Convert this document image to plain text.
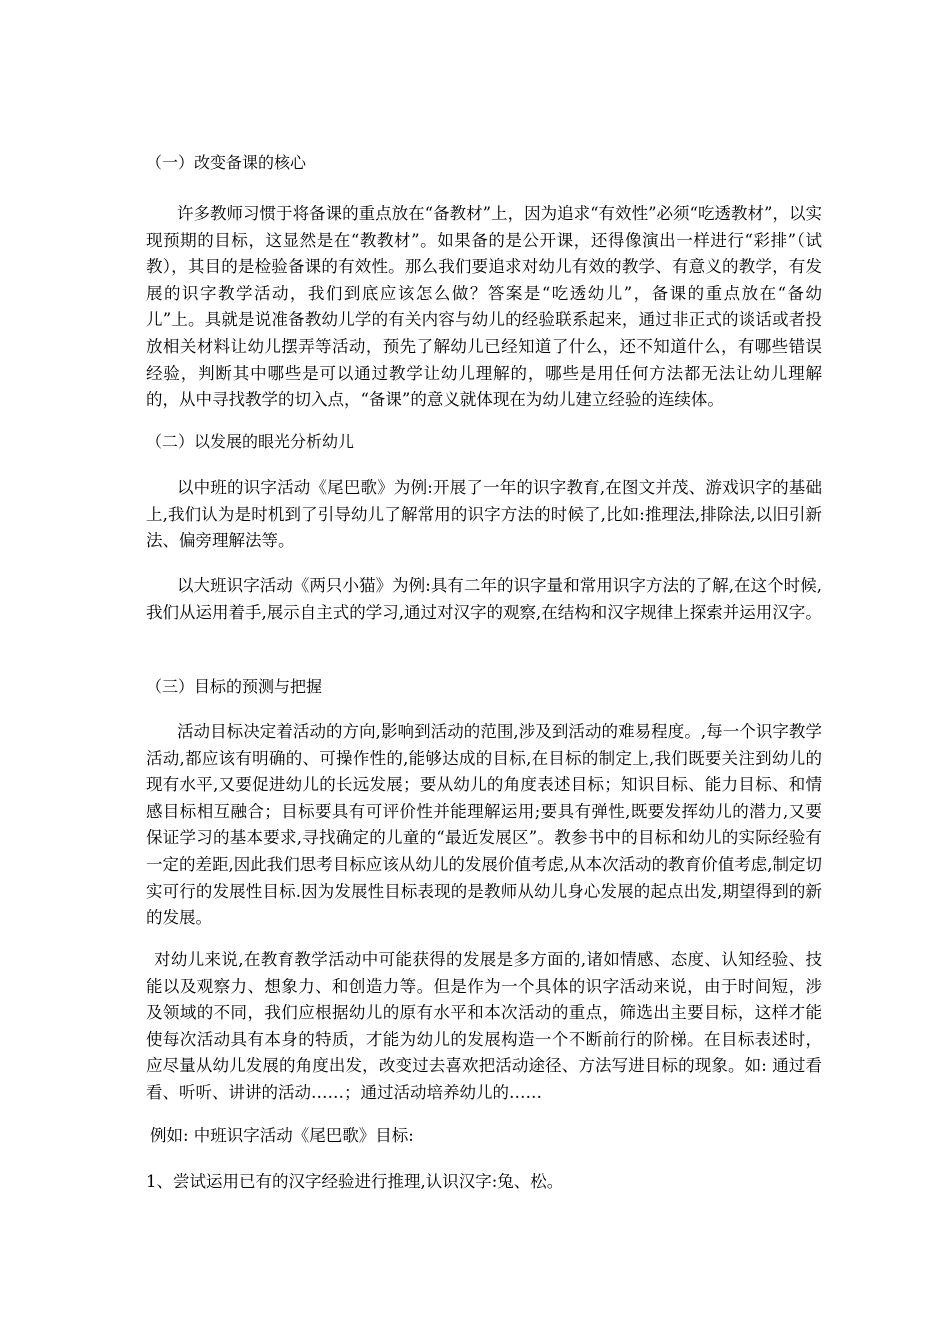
（一）改变备课的核心
许多教师习惯于将备课的重点放在“备教材”上，因为追求“有效性”必须“吃透教材”，以实现预期的目标，这显然是在“教教材”。如果备的是公开课，还得像演出一样进行“彩排”（试教），其目的是检验备课的有效性。那么我们要追求对幼儿有效的教学、有意义的教学，有发展的识字教学活动，我们到底应该怎么做？答案是“吃透幼儿”，备课的重点放在“备幼儿”上。具就是说准备教幼儿学的有关内容与幼儿的经验联系起来，通过非正式的谈话或者投放相关材料让幼儿摆弄等活动，预先了解幼儿已经知道了什么，还不知道什么，有哪些错误经验，判断其中哪些是可以通过教学让幼儿理解的，哪些是用任何方法都无法让幼儿理解的，从中寻找教学的切入点，“备课”的意义就体现在为幼儿建立经验的连续体。
（二）以发展的眼光分析幼儿
以中班的识字活动《尾巴歌》为例:开展了一年的识字教育,在图文并茂、游戏识字的基础上,我们认为是时机到了引导幼儿了解常用的识字方法的时候了,比如:推理法,排除法,以旧引新法、偏旁理解法等。
以大班识字活动《两只小猫》为例:具有二年的识字量和常用识字方法的了解,在这个时候,我们从运用着手,展示自主式的学习,通过对汉字的观察,在结构和汉字规律上探索并运用汉字。
（三）目标的预测与把握
活动目标决定着活动的方向,影响到活动的范围,涉及到活动的难易程度。,每一个识字教学活动,都应该有明确的、可操作性的,能够达成的目标,在目标的制定上,我们既要关注到幼儿的现有水平,又要促进幼儿的长远发展；要从幼儿的角度表述目标；知识目标、能力目标、和情感目标相互融合；目标要具有可评价性并能理解运用;要具有弹性,既要发挥幼儿的潜力,又要保证学习的基本要求,寻找确定的儿童的“最近发展区”。教参书中的目标和幼儿的实际经验有一定的差距,因此我们思考目标应该从幼儿的发展价值考虑,从本次活动的教育价值考虑,制定切实可行的发展性目标.因为发展性目标表现的是教师从幼儿身心发展的起点出发,期望得到的新的发展。
对幼儿来说,在教育教学活动中可能获得的发展是多方面的,诸如情感、态度、认知经验、技能以及观察力、想象力、和创造力等。但是作为一个具体的识字活动来说，由于时间短，涉及领域的不同，我们应根据幼儿的原有水平和本次活动的重点，筛选出主要目标，这样才能使每次活动具有本身的特质，才能为幼儿的发展构造一个不断前行的阶梯。在目标表述时，应尽量从幼儿发展的角度出发，改变过去喜欢把活动途径、方法写进目标的现象。如: 通过看看、听听、讲讲的活动……；通过活动培养幼儿的……
例如: 中班识字活动《尾巴歌》目标:
1、尝试运用已有的汉字经验进行推理,认识汉字:兔、松。
